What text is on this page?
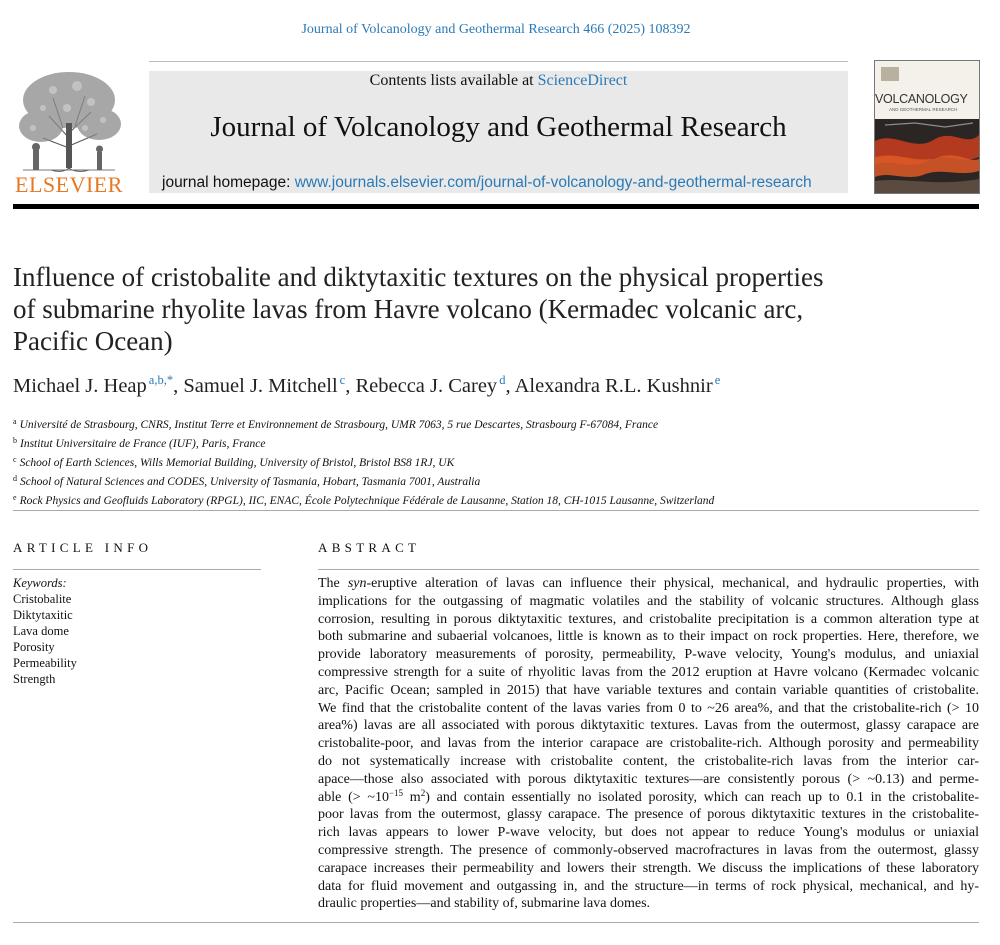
Journal of Volcanology and Geothermal Research 466 (2025) 108392
ELSEVIER
Contents lists available at ScienceDirect
Journal of Volcanology and Geothermal Research
journal homepage: www.journals.elsevier.com/journal-of-volcanology-and-geothermal-research
VOLCANOLOGY
AND GEOTHERMAL RESEARCH
Influence of cristobalite and diktytaxitic textures on the physical properties
of submarine rhyolite lavas from Havre volcano (Kermadec volcanic arc,
Pacific Ocean)
Michael J. Heap $^{a,b,*}$, Samuel J. Mitchell $^c$, Rebecca J. Carey $^d$, Alexandra R.L. Kushnir $^e$
$^a$ Université de Strasbourg, CNRS, Institut Terre et Environnement de Strasbourg, UMR 7063, 5 rue Descartes, Strasbourg F-67084, France
$^b$ Institut Universitaire de France (IUF), Paris, France
$^c$ School of Earth Sciences, Wills Memorial Building, University of Bristol, Bristol BS8 1RJ, UK
$^d$ School of Natural Sciences and CODES, University of Tasmania, Hobart, Tasmania 7001, Australia
$^e$ Rock Physics and Geofluids Laboratory (RPGL), IIC, ENAC, École Polytechnique Fédérale de Lausanne, Station 18, CH-1015 Lausanne, Switzerland
ARTICLE INFO
Keywords:
Cristobalite
Diktytaxitic
Lava dome
Porosity
Permeability
Strength
ABSTRACT
The syn-eruptive alteration of lavas can influence their physical, mechanical, and hydraulic properties, with
implications for the outgassing of magmatic volatiles and the stability of volcanic structures. Although glass
corrosion, resulting in porous diktytaxitic textures, and cristobalite precipitation is a common alteration type at
both submarine and subaerial volcanoes, little is known as to their impact on rock properties. Here, therefore, we
provide laboratory measurements of porosity, permeability, P-wave velocity, Young's modulus, and uniaxial
compressive strength for a suite of rhyolitic lavas from the 2012 eruption at Havre volcano (Kermadec volcanic
arc, Pacific Ocean; sampled in 2015) that have variable textures and contain variable quantities of cristobalite.
We find that the cristobalite content of the lavas varies from 0 to ~26 area%, and that the cristobalite-rich (> 10
area%) lavas are all associated with porous diktytaxitic textures. Lavas from the outermost, glassy carapace are
cristobalite-poor, and lavas from the interior carapace are cristobalite-rich. Although porosity and permeability
do not systematically increase with cristobalite content, the cristobalite-rich lavas from the interior car-
apace—those also associated with porous diktytaxitic textures—are consistently porous (> ~0.13) and perme-
able (> $\sim 10^{-15}$ $m^2$) and contain essentially no isolated porosity, which can reach up to 0.1 in the cristobalite-
poor lavas from the outermost, glassy carapace. The presence of porous diktytaxitic textures in the cristobalite-
rich lavas appears to lower P-wave velocity, but does not appear to reduce Young's modulus or uniaxial
compressive strength. The presence of commonly-observed macrofractures in lavas from the outermost, glassy
carapace increases their permeability and lowers their strength. We discuss the implications of these laboratory
data for fluid movement and outgassing in, and the structure—in terms of rock physical, mechanical, and hy-
draulic properties—and stability of, submarine lava domes.
